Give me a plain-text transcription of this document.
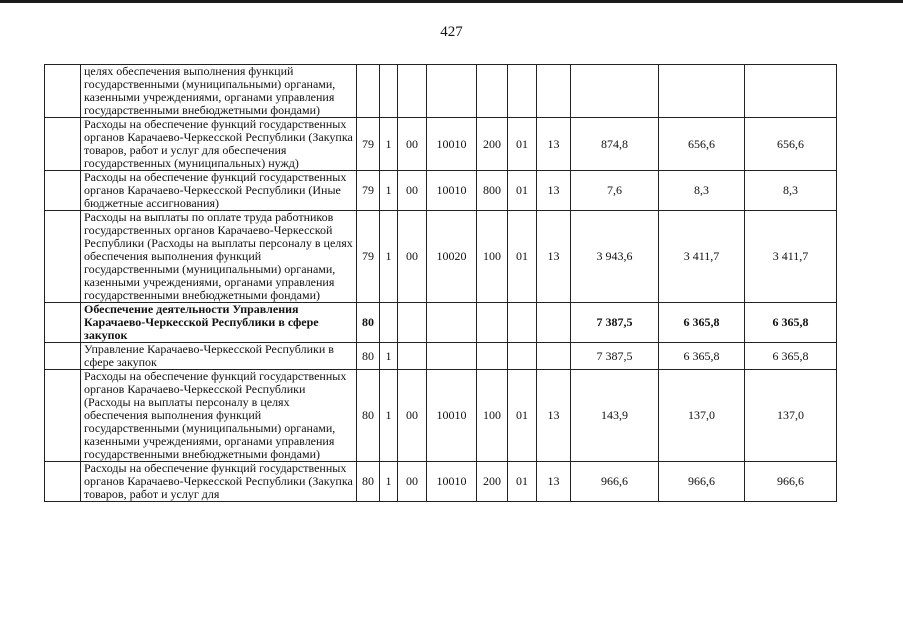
427
	целях обеспечения выполнения функций государственными (муниципальными) органами, казенными учреждениями, органами управления государственными внебюджетными фондами)										
	Расходы на обеспечение функций государственных органов Карачаево-Черкесской Республики (Закупка товаров, работ и услуг для обеспечения государственных (муниципальных) нужд)	79	1	00	10010	200	01	13	874,8	656,6	656,6
	Расходы на обеспечение функций государственных органов Карачаево-Черкесской Республики (Иные бюджетные ассигнования)	79	1	00	10010	800	01	13	7,6	8,3	8,3
	Расходы на выплаты по оплате труда работников государственных органов Карачаево-Черкесской Республики (Расходы на выплаты персоналу в целях обеспечения выполнения функций государственными (муниципальными) органами, казенными учреждениями, органами управления государственными внебюджетными фондами)	79	1	00	10020	100	01	13	3 943,6	3 411,7	3 411,7
	Обеспечение деятельности Управления Карачаево-Черкесской Республики в сфере закупок	80							7 387,5	6 365,8	6 365,8
	Управление Карачаево-Черкесской Республики в сфере закупок	80	1						7 387,5	6 365,8	6 365,8
	Расходы на обеспечение функций государственных органов Карачаево-Черкесской Республики (Расходы на выплаты персоналу в целях обеспечения выполнения функций государственными (муниципальными) органами, казенными учреждениями, органами управления государственными внебюджетными фондами)	80	1	00	10010	100	01	13	143,9	137,0	137,0

	Расходы на обеспечение функций государственных органов Карачаево-Черкесской Республики (Закупка товаров, работ и услуг для	80	1	00	10010	200	01	13	966,6	966,6	966,6
